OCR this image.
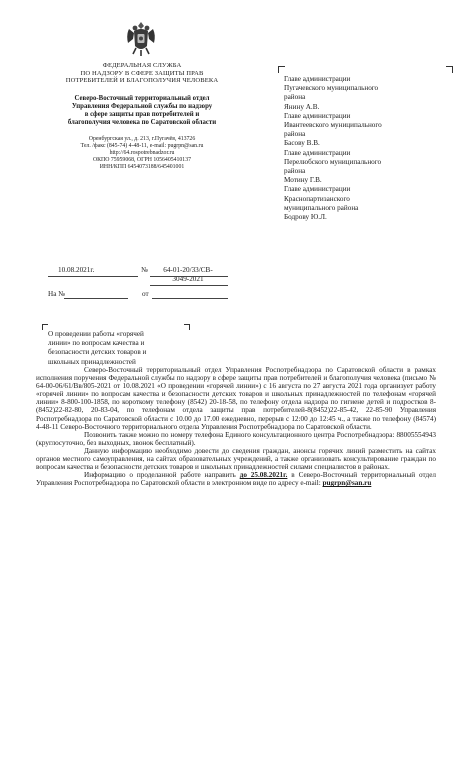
ФЕДЕРАЛЬНАЯ СЛУЖБА
ПО НАДЗОРУ В СФЕРЕ ЗАЩИТЫ ПРАВ
ПОТРЕБИТЕЛЕЙ И БЛАГОПОЛУЧИЯ ЧЕЛОВЕКА
Северо-Восточный территориальный отдел
Управления Федеральной службы по надзору
в сфере защиты прав потребителей и
благополучия человека по Саратовской области
Оренбургская ул., д. 213, г.Пугачёв, 413726
Тел. /факс (845-74) 4-48-11, e-mail: pugrpn@san.ru
http://64.rospotrebnadzor.ru
ОКПО 75959068, ОГРН 1056405410137
ИНН/КПП 6454073188/645401001
Главе администрации
Пугачевского муниципального
района
Янину А.В.
Главе администрации
Ивантеевского муниципального
района
Басову В.В.
Главе администрации
Перелюбского муниципального
района
Мотину Г.В.
Главе администрации
Краснопартизанского
муниципального района
Бодрову Ю.Л.
10.08.2021г.	№	64-01-20/33/СВ-
3049-2021
На №	от
О проведении работы «горячей
линии» по вопросам качества и
безопасности детских товаров и
школьных принадлежностей

Северо-Восточный территориальный отдел Управления Роспотребнадзора по Саратовской области в рамках исполнения поручения Федеральной службы по надзору в сфере защиты прав потребителей и благополучия человека (письмо № 64-00-06/61/Вв/805-2021 от 10.08.2021 «О проведении «горячей линии») с 16 августа по 27 августа 2021 года организует работу «горячей линии» по вопросам качества и безопасности детских товаров и школьных принадлежностей по телефонам «горячей линии» 8-800-100-1858, по короткому телефону (8542) 20-18-58, по телефону отдела надзора по гигиене детей и подростков 8-(8452)22-82-80, 20-83-04, по телефонам отдела защиты прав потребителей-8(8452)22-85-42, 22-85-90 Управления Роспотребнадзора по Саратовской области с 10.00 до 17.00 ежедневно, перерыв с 12:00 до 12:45 ч., а также по телефону (84574) 4-48-11 Северо-Восточного территориального отдела Управления Роспотребнадзора по Саратовской области.

Позвонить также можно по номеру телефона Единого консультационного центра Роспотребнадзора: 88005554943 (круглосуточно, без выходных, звонок бесплатный).

Данную информацию необходимо довести до сведения граждан, анонсы горячих линий разместить на сайтах органов местного самоуправления, на сайтах образовательных учреждений, а также организовать консультирование граждан по вопросам качества и безопасности детских товаров и школьных принадлежностей силами специалистов в районах.

Информацию о проделанной работе направить до 25.08.2021г. в Северо-Восточный территориальный отдел Управления Роспотребнадзора по Саратовской области в электронном виде по адресу e-mail: pugrpn@san.ru
